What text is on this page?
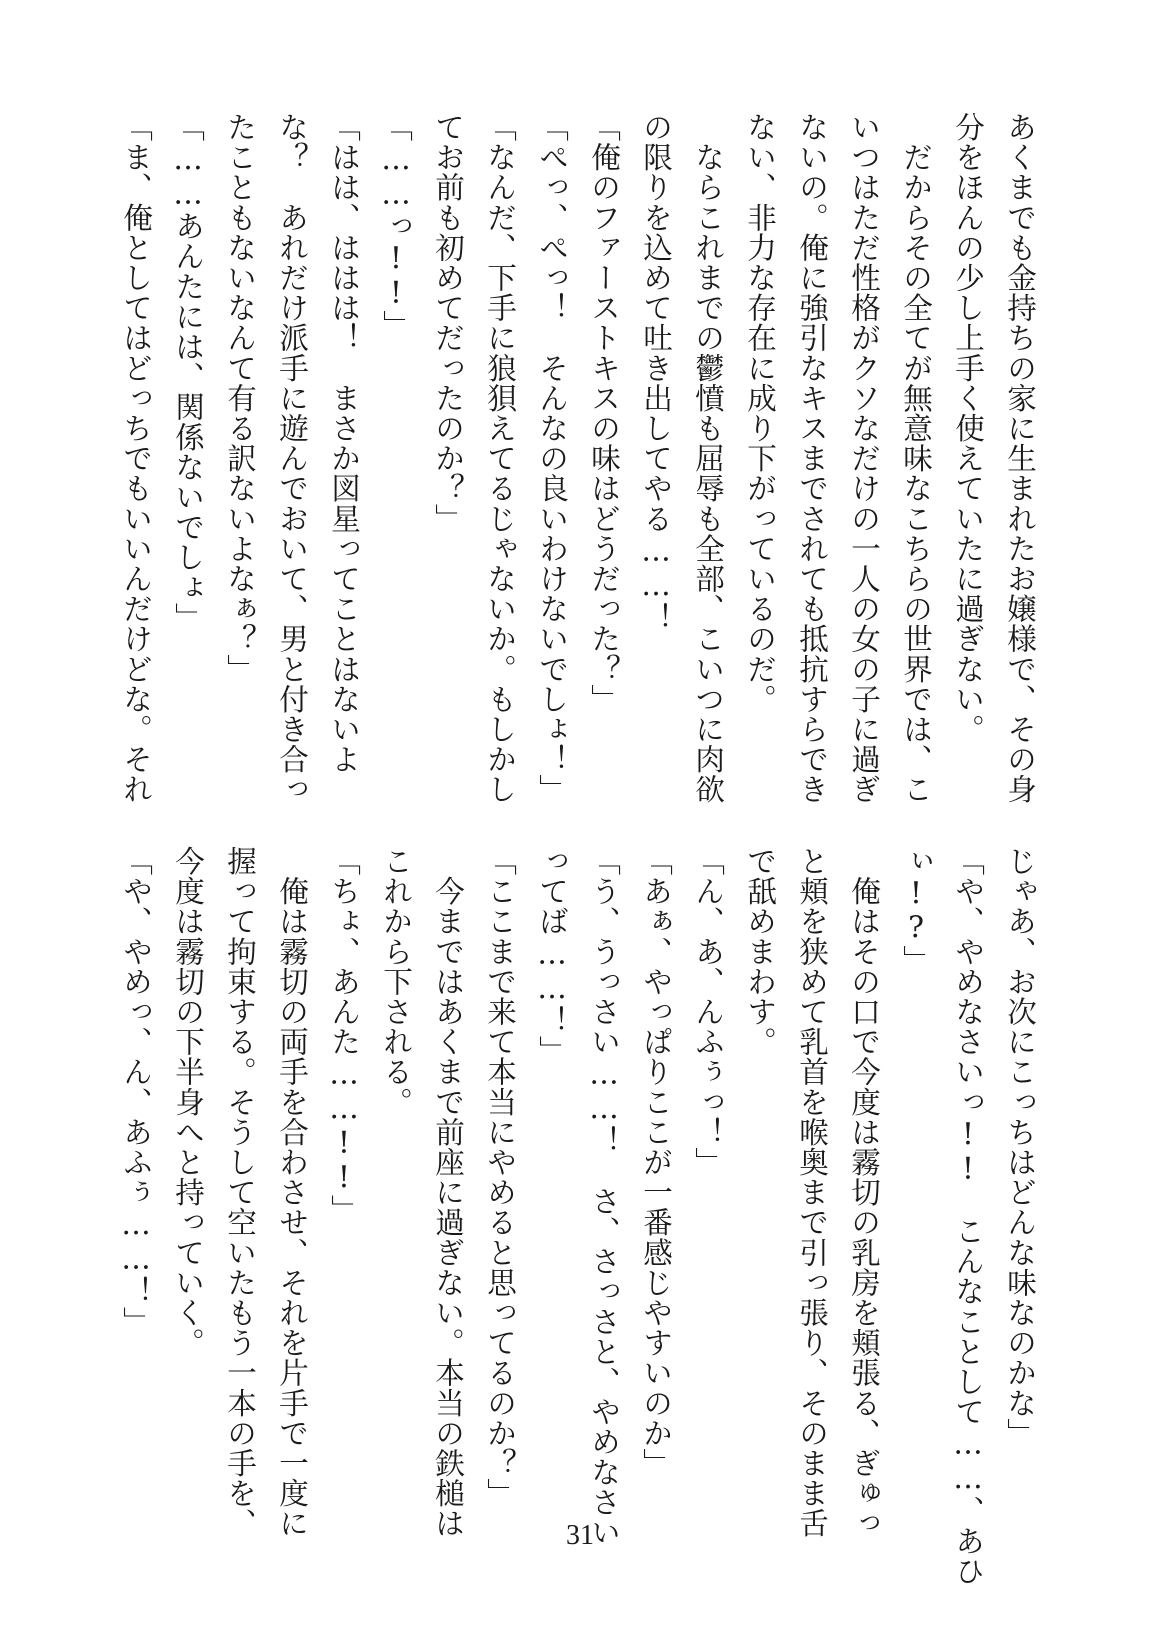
あくまでも金持ちの家に生まれたお嬢様で、その身
分をほんの少し上手く使えていたに過ぎない。
　だからその全てが無意味なこちらの世界では、こ
いつはただ性格がクソなだけの一人の女の子に過ぎ
ないの。俺に強引なキスまでされても抵抗すらでき
ない、非力な存在に成り下がっているのだ。
　ならこれまでの鬱憤も屈辱も全部、こいつに肉欲
の限りを込めて吐き出してやる……！
「俺のファーストキスの味はどうだった？」
「ぺっ、ぺっ！　そんなの良いわけないでしょ！」
「なんだ、下手に狼狽えてるじゃないか。もしかし
てお前も初めてだったのか？」
「……っ!!」
「はは、ははは！　まさか図星ってことはないよ
な？　あれだけ派手に遊んでおいて、男と付き合っ
たこともないなんて有る訳ないよなぁ？」
「……あんたには、関係ないでしょ」
「ま、俺としてはどっちでもいいんだけどな。それ
じゃあ、お次にこっちはどんな味なのかな」
「や、やめなさいっ!!　こんなことして……、あひ
ぃ!?」
　俺はその口で今度は霧切の乳房を頬張る、ぎゅっ
と頬を狭めて乳首を喉奥まで引っ張り、そのまま舌
で舐めまわす。
「ん、あ、んふぅっ！」
「あぁ、やっぱりここが一番感じやすいのか」
「う、うっさい……！　さ、さっさと、やめなさい
ってば……！」
「ここまで来て本当にやめると思ってるのか？」
　今まではあくまで前座に過ぎない。本当の鉄槌は
これから下される。
「ちょ、あんた……!!」
　俺は霧切の両手を合わさせ、それを片手で一度に
握って拘束する。そうして空いたもう一本の手を、
今度は霧切の下半身へと持っていく。
「や、やめっ、ん、あふぅ……！」
31
